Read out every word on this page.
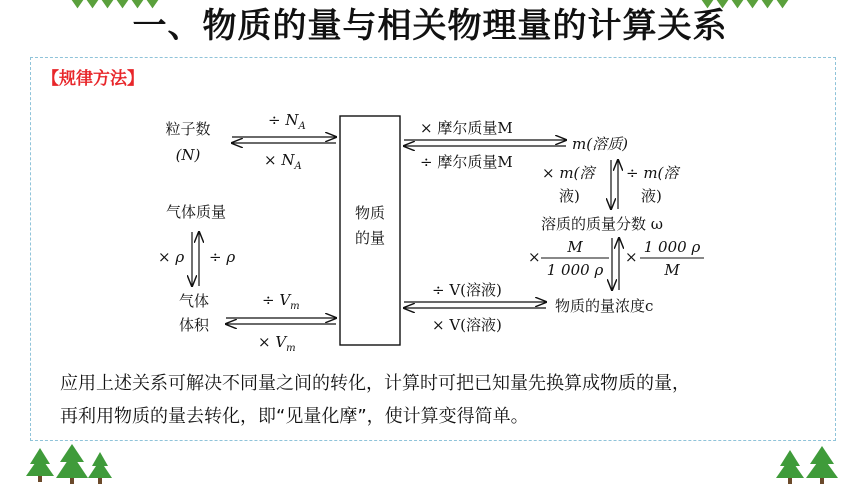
一、物质的量与相关物理量的计算关系
【规律方法】
物质
的量
粒子数
(N)
÷ $N_A$
× $N_A$
气体质量
× ρ ÷ ρ
气体
体积
÷ $V_m$
× $V_m$
× 摩尔质量M
÷ 摩尔质量M
m(溶质)
× m(溶
液)
÷ m(溶
液)
溶质的质量分数 ω
×
M
1 000 ρ
×
1 000 ρ
M
÷ V(溶液)
× V(溶液)
物质的量浓度c
应用上述关系可解决不同量之间的转化，计算时可把已知量先换算成物质的量，
再利用物质的量去转化，即“见量化摩”，使计算变得简单。
